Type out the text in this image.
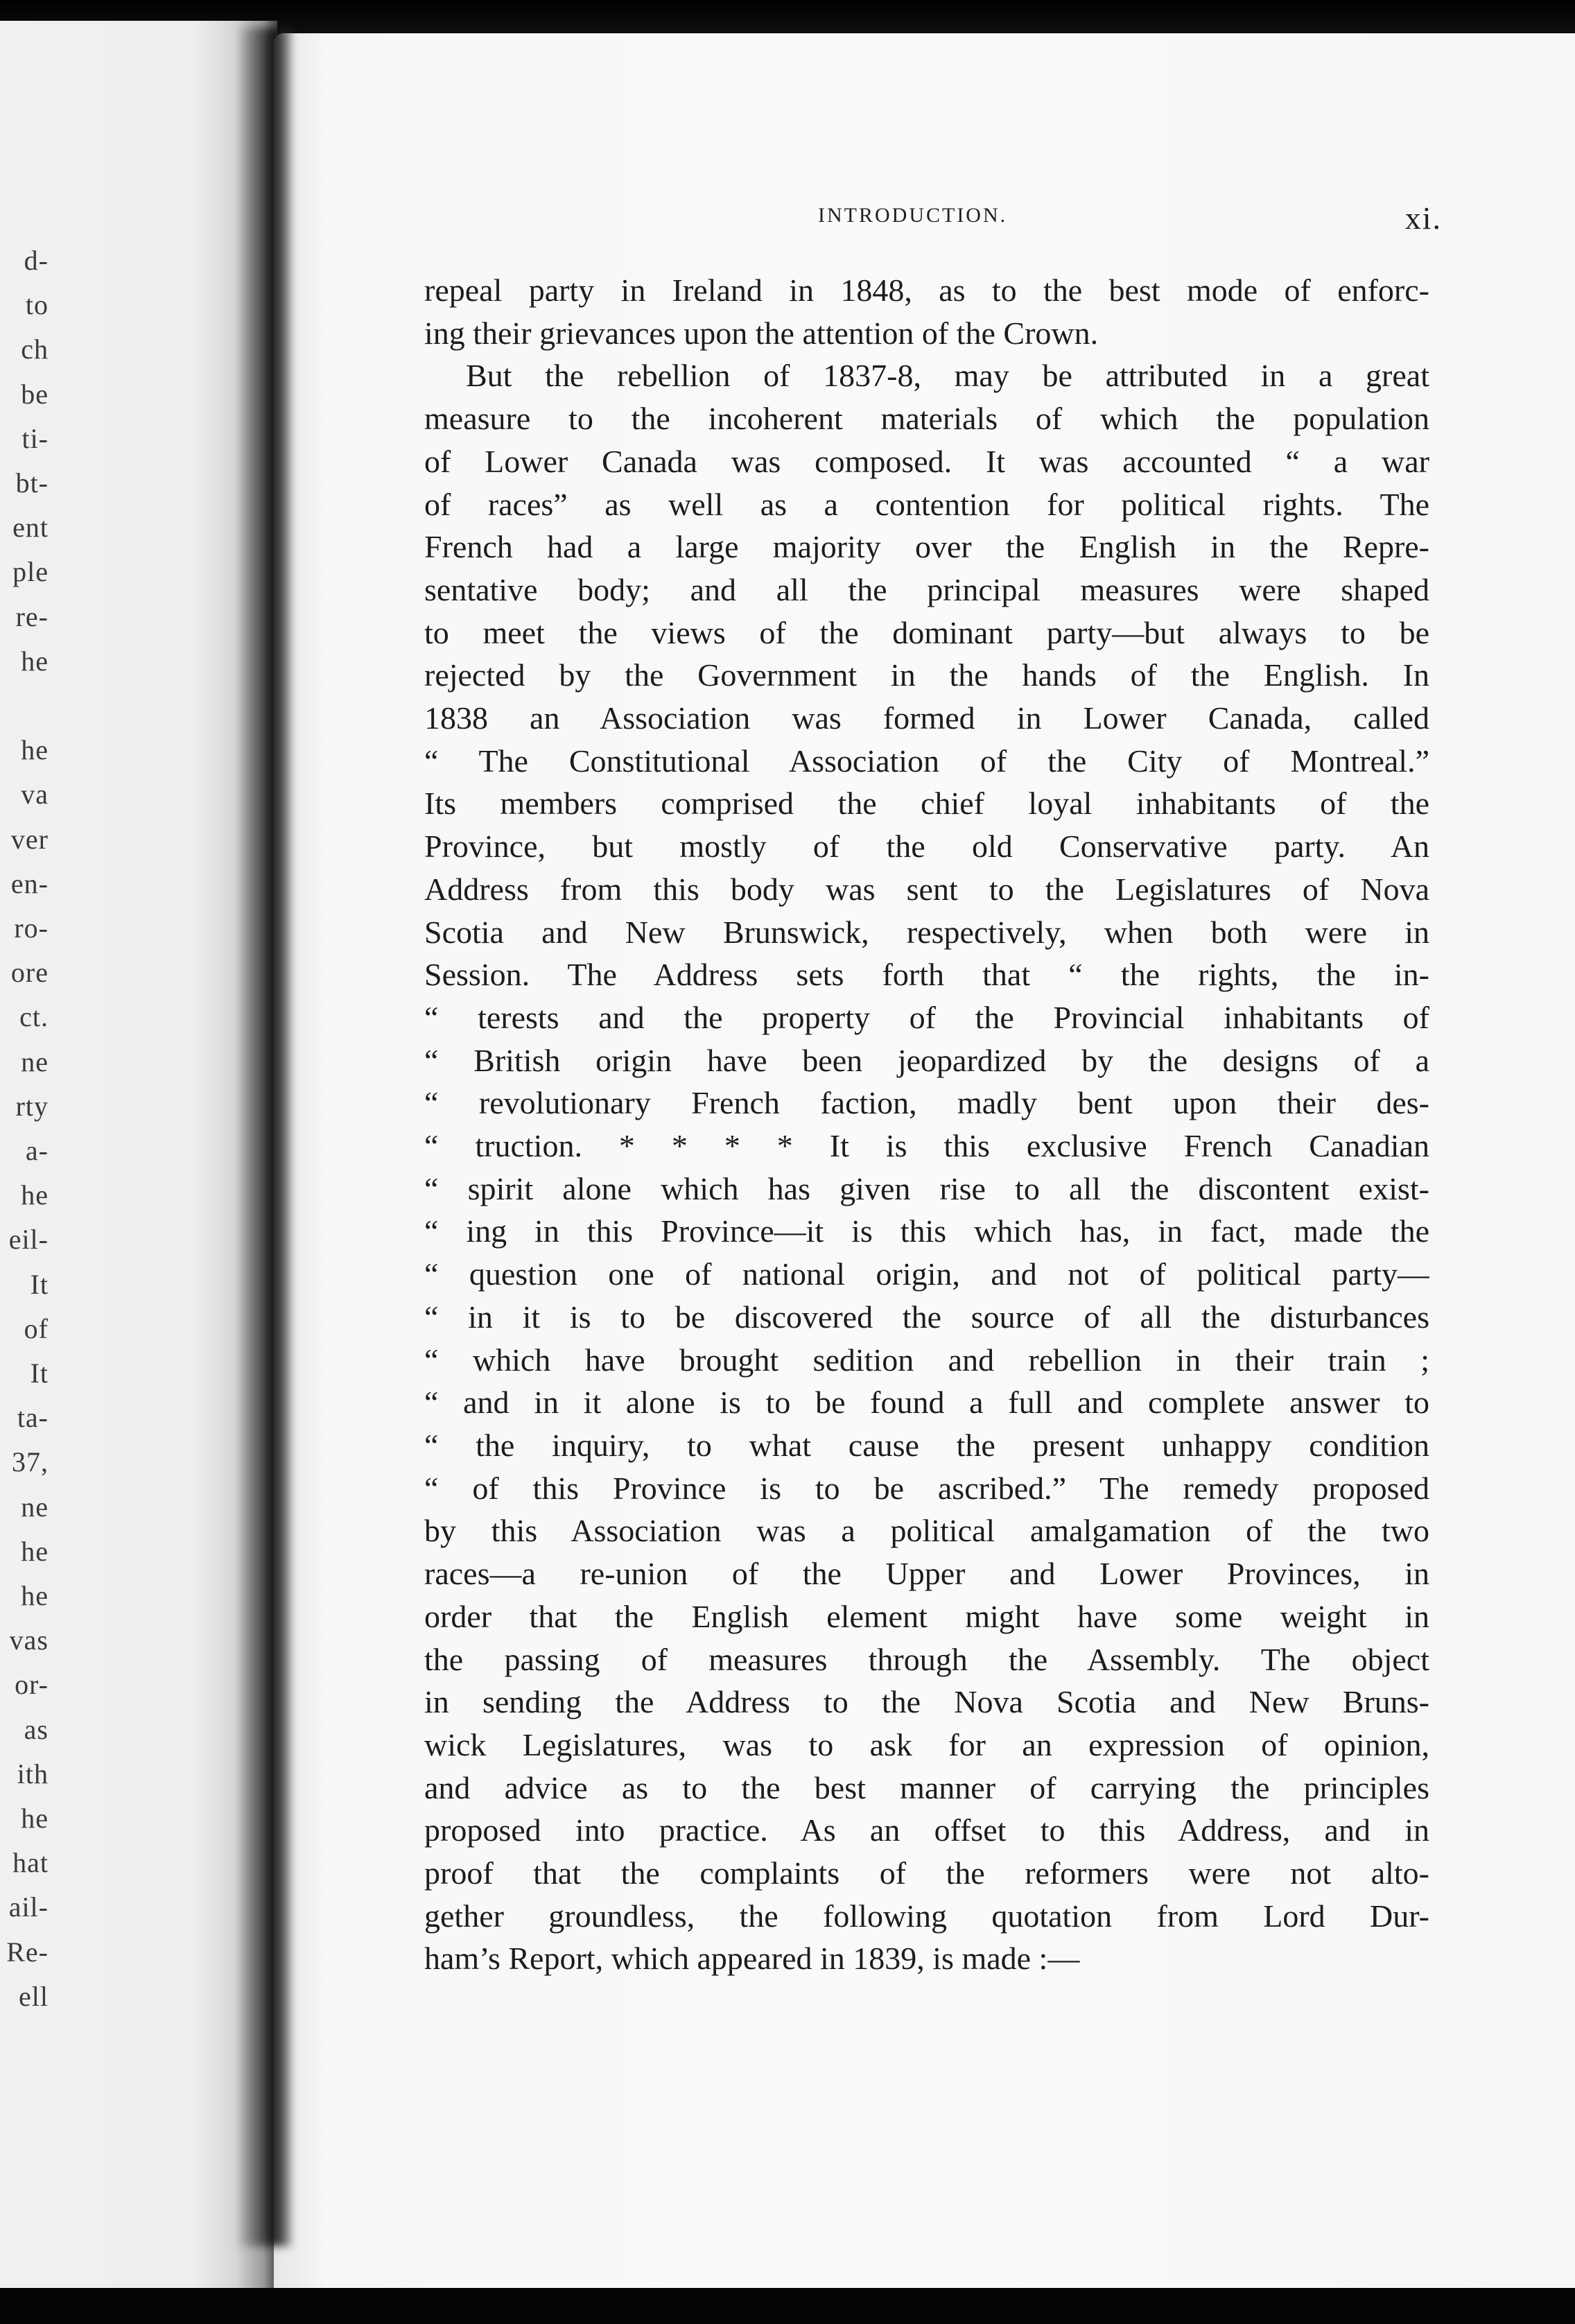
d-
to
ch
be
ti-
bt-
ent
ple
re-
he
he
va
ver
en-
ro-
ore
ct.
ne
rty
a-
he
eil-
It
of
It
ta-
37,
ne
he
he
vas
or-
as
ith
he
hat
ail-
Re-
ell
INTRODUCTION.	xi.
repeal party in Ireland in 1848, as to the best mode of enforc-
ing their grievances upon the attention of the Crown.
But the rebellion of 1837-8, may be attributed in a great
measure to the incoherent materials of which the population
of Lower Canada was composed. It was accounted “ a war
of races” as well as a contention for political rights. The
French had a large majority over the English in the Repre-
sentative body; and all the principal measures were shaped
to meet the views of the dominant party—but always to be
rejected by the Government in the hands of the English. In
1838 an Association was formed in Lower Canada, called
“ The Constitutional Association of the City of Montreal.”
Its members comprised the chief loyal inhabitants of the
Province, but mostly of the old Conservative party. An
Address from this body was sent to the Legislatures of Nova
Scotia and New Brunswick, respectively, when both were in
Session. The Address sets forth that “ the rights, the in-
“ terests and the property of the Provincial inhabitants of
“ British origin have been jeopardized by the designs of a
“ revolutionary French faction, madly bent upon their des-
“ truction. * * * * It is this exclusive French Canadian
“ spirit alone which has given rise to all the discontent exist-
“ ing in this Province—it is this which has, in fact, made the
“ question one of national origin, and not of political party—
“ in it is to be discovered the source of all the disturbances
“ which have brought sedition and rebellion in their train ;
“ and in it alone is to be found a full and complete answer to
“ the inquiry, to what cause the present unhappy condition
“ of this Province is to be ascribed.” The remedy proposed
by this Association was a political amalgamation of the two
races—a re-union of the Upper and Lower Provinces, in
order that the English element might have some weight in
the passing of measures through the Assembly. The object
in sending the Address to the Nova Scotia and New Bruns-
wick Legislatures, was to ask for an expression of opinion,
and advice as to the best manner of carrying the principles
proposed into practice. As an offset to this Address, and in
proof that the complaints of the reformers were not alto-
gether groundless, the following quotation from Lord Dur-
ham’s Report, which appeared in 1839, is made :—
